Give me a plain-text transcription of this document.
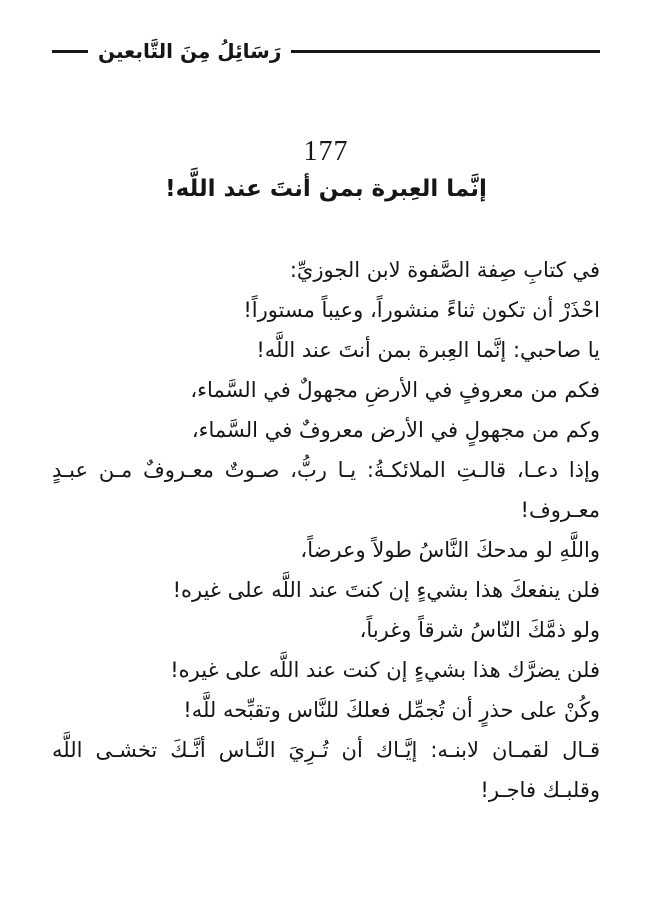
رَسَائِلُ مِنَ التَّابعين
177
إنَّما العِبرة بمن أنتَ عند اللَّه!
في كتابِ صِفة الصَّفوة لابن الجوزيِّ:
احْذَرْ أن تكون ثناءً منشوراً، وعيباً مستوراً!
يا صاحبي: إنَّما العِبرة بمن أنتَ عند اللَّه!
فكم من معروفٍ في الأرضِ مجهولٌ في السَّماء،
وكم من مجهولٍ في الأرض معروفٌ في السَّماء،
وإذا دعـا، قالـتِ الملائكـةُ: يـا ربُّ، صـوتٌ معـروفٌ مـن عبـدٍ
معـروف!
واللَّهِ لو مدحكَ النَّاسُ طولاً وعرضاً،
فلن ينفعكَ هذا بشيءٍ إن كنتَ عند اللَّه على غيره!
ولو ذمَّكَ النّاسُ شرقاً وغرباً،
فلن يضرَّك هذا بشيءٍ إن كنت عند اللَّه على غيره!
وكُنْ على حذرٍ أن تُجمِّل فعلكَ للنَّاس وتقبِّحه للَّه!
قـال لقمـان لابنـه: إيَّـاك أن تُـرِيَ النَّـاس أنَّـكَ تخشـى اللَّه
وقلبـك فاجـر!
